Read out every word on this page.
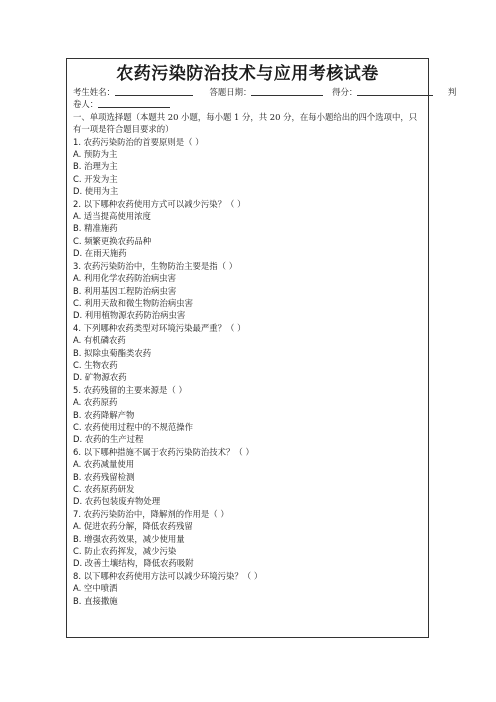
农药污染防治技术与应用考核试卷
考生姓名：	答题日期：	得分：	判
卷人：
一、单项选择题（本题共 20 小题，每小题 1 分，共 20 分，在每小题给出的四个选项中，只
有一项是符合题目要求的）
1. 农药污染防治的首要原则是（ ）
A. 预防为主
B. 治理为主
C. 开发为主
D. 使用为主
2. 以下哪种农药使用方式可以减少污染？（ ）
A. 适当提高使用浓度
B. 精准施药
C. 频繁更换农药品种
D. 在雨天施药
3. 农药污染防治中，生物防治主要是指（ ）
A. 利用化学农药防治病虫害
B. 利用基因工程防治病虫害
C. 利用天敌和微生物防治病虫害
D. 利用植物源农药防治病虫害
4. 下列哪种农药类型对环境污染最严重？（ ）
A. 有机磷农药
B. 拟除虫菊酯类农药
C. 生物农药
D. 矿物源农药
5. 农药残留的主要来源是（ ）
A. 农药原药
B. 农药降解产物
C. 农药使用过程中的不规范操作
D. 农药的生产过程
6. 以下哪种措施不属于农药污染防治技术？（ ）
A. 农药减量使用
B. 农药残留检测
C. 农药原药研发
D. 农药包装废弃物处理
7. 农药污染防治中，降解剂的作用是（ ）
A. 促进农药分解，降低农药残留
B. 增强农药效果，减少使用量
C. 防止农药挥发，减少污染
D. 改善土壤结构，降低农药吸附
8. 以下哪种农药使用方法可以减少环境污染？（ ）
A. 空中喷洒
B. 直接撒施
